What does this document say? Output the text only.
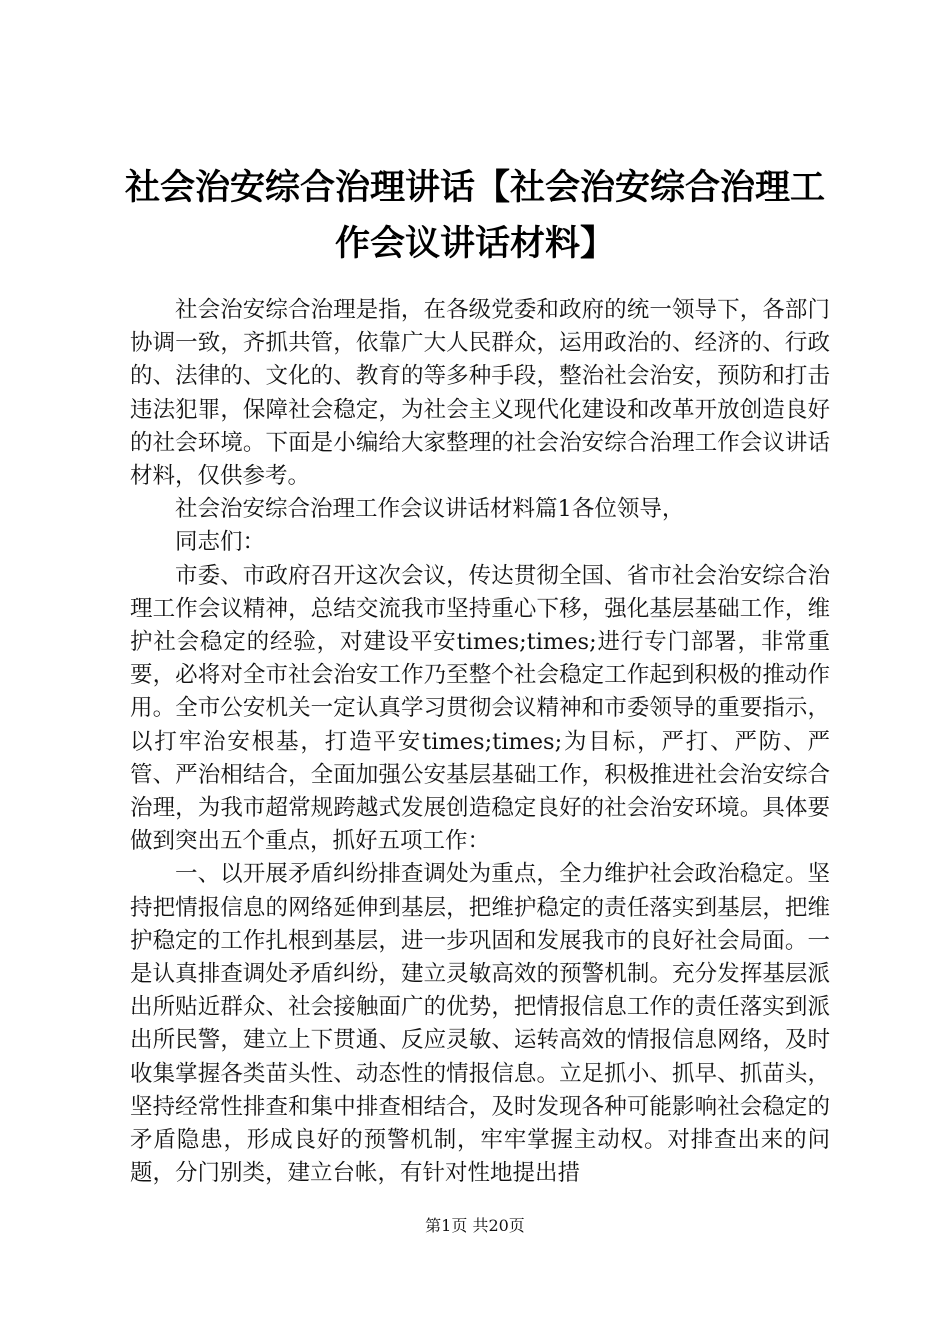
社会治安综合治理讲话【社会治安综合治理工
作会议讲话材料】

社会治安综合治理是指，在各级党委和政府的统一领导下，各部门协调一致，齐抓共管，依靠广大人民群众，运用政治的、经济的、行政的、法律的、文化的、教育的等多种手段，整治社会治安，预防和打击违法犯罪，保障社会稳定，为社会主义现代化建设和改革开放创造良好的社会环境。下面是小编给大家整理的社会治安综合治理工作会议讲话材料，仅供参考。

社会治安综合治理工作会议讲话材料篇1各位领导，

同志们：

市委、市政府召开这次会议，传达贯彻全国、省市社会治安综合治理工作会议精神，总结交流我市坚持重心下移，强化基层基础工作，维护社会稳定的经验，对建设平安times;times;进行专门部署，非常重要，必将对全市社会治安工作乃至整个社会稳定工作起到积极的推动作用。全市公安机关一定认真学习贯彻会议精神和市委领导的重要指示，以打牢治安根基，打造平安times;times;为目标，严打、严防、严管、严治相结合，全面加强公安基层基础工作，积极推进社会治安综合治理，为我市超常规跨越式发展创造稳定良好的社会治安环境。具体要做到突出五个重点，抓好五项工作：

一、以开展矛盾纠纷排查调处为重点，全力维护社会政治稳定。坚持把情报信息的网络延伸到基层，把维护稳定的责任落实到基层，把维护稳定的工作扎根到基层，进一步巩固和发展我市的良好社会局面。一是认真排查调处矛盾纠纷，建立灵敏高效的预警机制。充分发挥基层派出所贴近群众、社会接触面广的优势，把情报信息工作的责任落实到派出所民警，建立上下贯通、反应灵敏、运转高效的情报信息网络，及时收集掌握各类苗头性、动态性的情报信息。立足抓小、抓早、抓苗头，坚持经常性排查和集中排查相结合，及时发现各种可能影响社会稳定的矛盾隐患，形成良好的预警机制，牢牢掌握主动权。对排查出来的问题，分门别类，建立台帐，有针对性地提出措

第1页 共20页
